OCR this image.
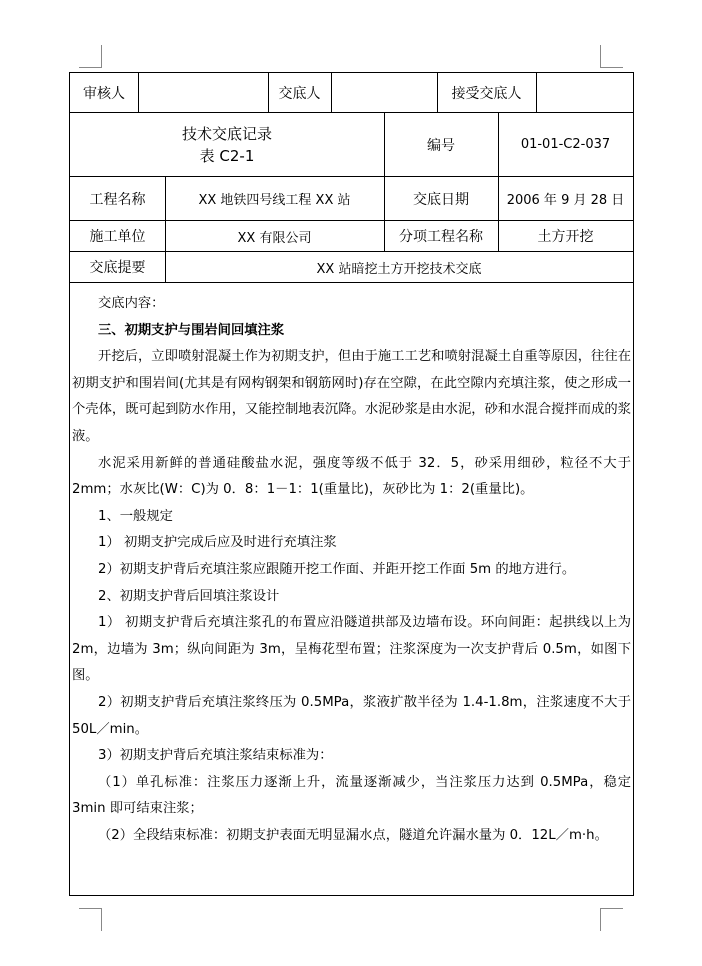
审核人	交底人	接受交底人
技术交底记录
表 C2-1
编号	01-01-C2-037
工程名称	XX 地铁四号线工程 XX 站	交底日期	2006 年 9 月 28 日
施工单位	XX 有限公司	分项工程名称	土方开挖
交底提要	XX 站暗挖土方开挖技术交底

交底内容：

三、初期支护与围岩间回填注浆

开挖后，立即喷射混凝土作为初期支护，但由于施工工艺和喷射混凝土自重等原因，往往在初期支护和围岩间(尤其是有网构钢架和钢筋网时)存在空隙，在此空隙内充填注浆，使之形成一个壳体，既可起到防水作用，又能控制地表沉降。水泥砂浆是由水泥，砂和水混合搅拌而成的浆液。

水泥采用新鲜的普通硅酸盐水泥，强度等级不低于 32．5，砂采用细砂，粒径不大于 2mm；水灰比(W：C)为 0．8：1－1：1(重量比)，灰砂比为 1：2(重量比)。

1、一般规定

1） 初期支护完成后应及时进行充填注浆

2）初期支护背后充填注浆应跟随开挖工作面、并距开挖工作面 5m 的地方进行。

2、初期支护背后回填注浆设计

1） 初期支护背后充填注浆孔的布置应沿隧道拱部及边墙布设。环向间距：起拱线以上为 2m，边墙为 3m；纵向间距为 3m，呈梅花型布置；注浆深度为一次支护背后 0.5m，如图下图。

2）初期支护背后充填注浆终压为 0.5MPa，浆液扩散半径为 1.4-1.8m，注浆速度不大于 50L／min。

3）初期支护背后充填注浆结束标准为：

（1）单孔标准：注浆压力逐渐上升，流量逐渐减少，当注浆压力达到 0.5MPa，稳定 3min 即可结束注浆；

（2）全段结束标准：初期支护表面无明显漏水点，隧道允许漏水量为 0．12L／m·h。
